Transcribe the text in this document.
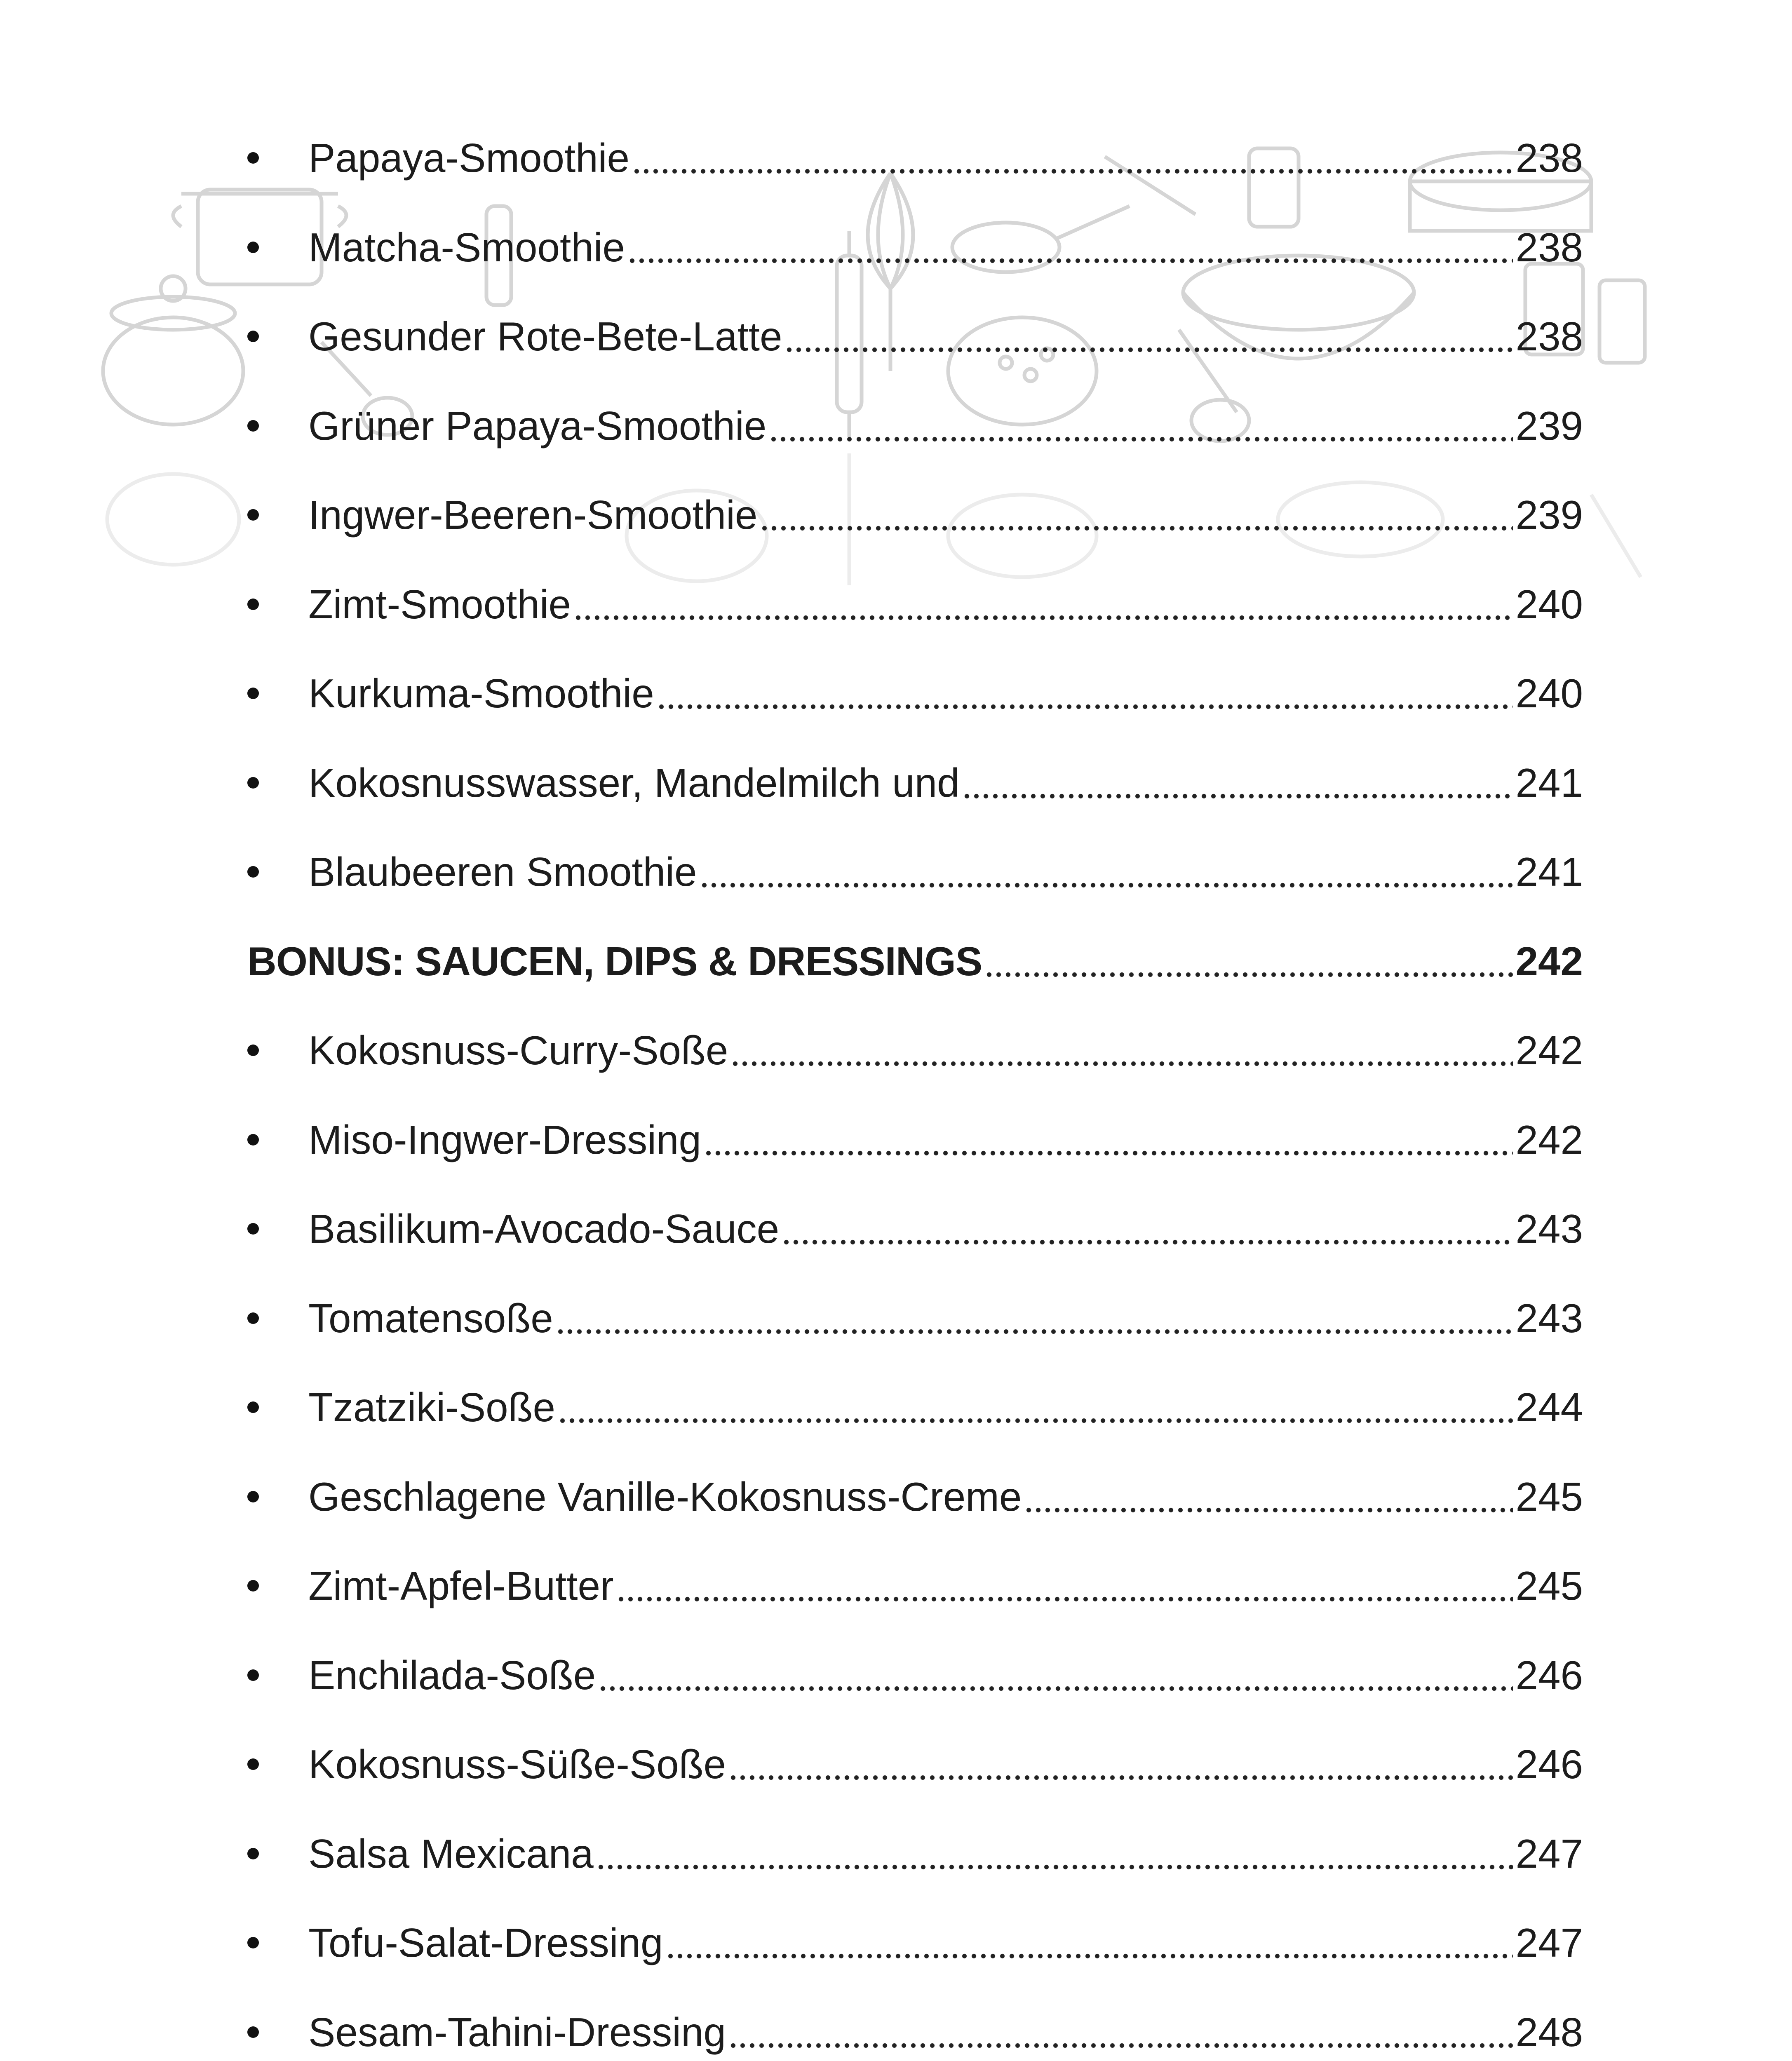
Papaya-Smoothie	238
Matcha-Smoothie	238
Gesunder Rote-Bete-Latte	238
Grüner Papaya-Smoothie	239
Ingwer-Beeren-Smoothie	239
Zimt-Smoothie	240
Kurkuma-Smoothie	240
Kokosnusswasser, Mandelmilch und	241
Blaubeeren Smoothie	241
BONUS: SAUCEN, DIPS & DRESSINGS	242
Kokosnuss-Curry-Soße	242
Miso-Ingwer-Dressing	242
Basilikum-Avocado-Sauce	243
Tomatensoße	243
Tzatziki-Soße	244
Geschlagene Vanille-Kokosnuss-Creme	245
Zimt-Apfel-Butter	245
Enchilada-Soße	246
Kokosnuss-Süße-Soße	246
Salsa Mexicana	247
Tofu-Salat-Dressing	247
Sesam-Tahini-Dressing	248
